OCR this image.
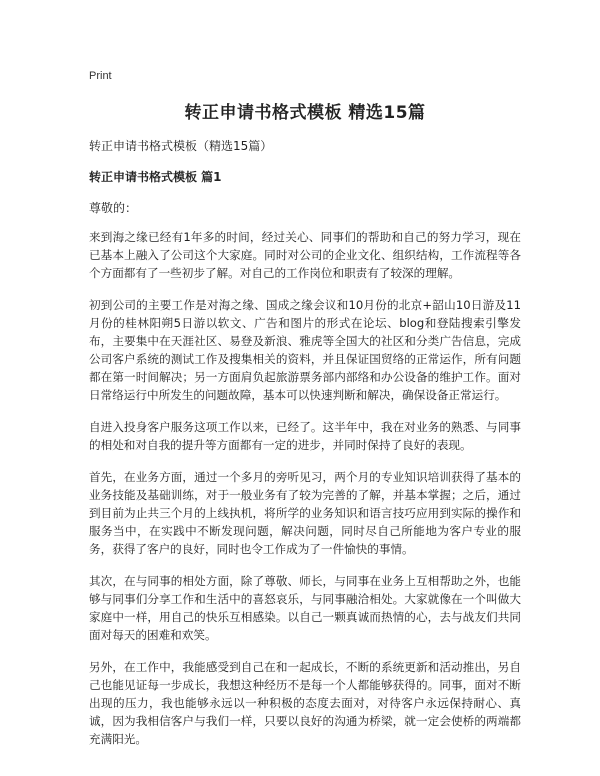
Print
转正申请书格式模板 精选15篇
转正申请书格式模板（精选15篇）
转正申请书格式模板 篇1
尊敬的：

来到海之缘已经有1年多的时间，经过关心、同事们的帮助和自己的努力学习，现在已基本上融入了公司这个大家庭。同时对公司的企业文化、组织结构，工作流程等各个方面都有了一些初步了解。对自己的工作岗位和职责有了较深的理解。

初到公司的主要工作是对海之缘、国成之缘会议和10月份的北京+韶山10日游及11月份的桂林阳朔5日游以软文、广告和图片的形式在论坛、blog和登陆搜索引擎发布，主要集中在天涯社区、易登及新浪、雅虎等全国大的社区和分类广告信息，完成公司客户系统的测试工作及搜集相关的资料，并且保证国贸络的正常运作，所有问题都在第一时间解决；另一方面肩负起旅游票务部内部络和办公设备的维护工作。面对日常络运行中所发生的问题故障，基本可以快速判断和解决，确保设备正常运行。

自进入投身客户服务这项工作以来，已经了。这半年中，我在对业务的熟悉、与同事的相处和对自我的提升等方面都有一定的进步，并同时保持了良好的表现。

首先，在业务方面，通过一个多月的旁听见习，两个月的专业知识培训获得了基本的业务技能及基础训练，对于一般业务有了较为完善的了解，并基本掌握；之后，通过到目前为止共三个月的上线执机，将所学的业务知识和语言技巧应用到实际的操作和服务当中，在实践中不断发现问题，解决问题，同时尽自己所能地为客户专业的服务，获得了客户的良好，同时也令工作成为了一件愉快的事情。

其次，在与同事的相处方面，除了尊敬、师长，与同事在业务上互相帮助之外，也能够与同事们分享工作和生活中的喜怒哀乐，与同事融洽相处。大家就像在一个叫做大家庭中一样，用自己的快乐互相感染。以自己一颗真诚而热情的心，去与战友们共同面对每天的困难和欢笑。

另外，在工作中，我能感受到自己在和一起成长，不断的系统更新和活动推出，另自己也能见证每一步成长，我想这种经历不是每一个人都能够获得的。同事，面对不断出现的压力，我也能够永远以一种积极的态度去面对，对待客户永远保持耐心、真诚，因为我相信客户与我们一样，只要以良好的沟通为桥梁，就一定会使桥的两端都充满阳光。
